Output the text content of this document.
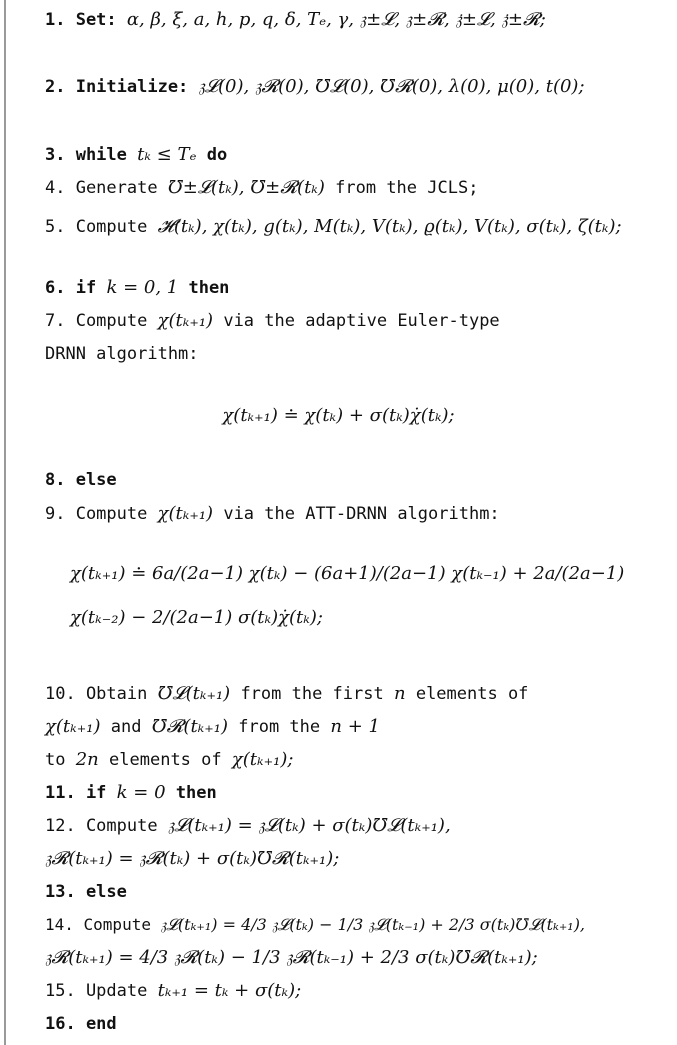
1. Set: α, β, ξ, a, h, p, q, δ, Tₑ, γ, 𝔷±𝓛, 𝔷±𝓡, 𝔷̇±𝓛, 𝔷̇±𝓡;
2. Initialize: 𝔷𝓛(0), 𝔷𝓡(0), ℧𝓛(0), ℧𝓡(0), λ(0), μ(0), t(0);
3. while tₖ ≤ Tₑ do
4. Generate ℧±𝓛(tₖ), ℧±𝓡(tₖ) from the JCLS;
5. Compute 𝓗(tₖ), χ(tₖ), g(tₖ), M(tₖ), V(tₖ), ϱ(tₖ), V(tₖ), σ(tₖ), ζ(tₖ);
6. if k = 0, 1 then
7. Compute χ(tₖ₊₁) via the adaptive Euler-type
DRNN algorithm:
χ(tₖ₊₁) ≐ χ(tₖ) + σ(tₖ)χ̇(tₖ);
8. else
9. Compute χ(tₖ₊₁) via the ATT-DRNN algorithm:
χ(tₖ₊₁) ≐ 6a/(2a−1) χ(tₖ) − (6a+1)/(2a−1) χ(tₖ₋₁) + 2a/(2a−1) χ(tₖ₋₂) − 2/(2a−1) σ(tₖ)χ̇(tₖ);
10. Obtain ℧𝓛(tₖ₊₁) from the first n elements of
χ(tₖ₊₁) and ℧𝓡(tₖ₊₁) from the n + 1
to 2n elements of χ(tₖ₊₁);
11. if k = 0 then
12. Compute 𝔷𝓛(tₖ₊₁) = 𝔷𝓛(tₖ) + σ(tₖ)℧𝓛(tₖ₊₁),
𝔷𝓡(tₖ₊₁) = 𝔷𝓡(tₖ) + σ(tₖ)℧𝓡(tₖ₊₁);
13. else
14. Compute 𝔷𝓛(tₖ₊₁) = 4/3 𝔷𝓛(tₖ) − 1/3 𝔷𝓛(tₖ₋₁) + 2/3 σ(tₖ)℧𝓛(tₖ₊₁),
𝔷𝓡(tₖ₊₁) = 4/3 𝔷𝓡(tₖ) − 1/3 𝔷𝓡(tₖ₋₁) + 2/3 σ(tₖ)℧𝓡(tₖ₊₁);
15. Update tₖ₊₁ = tₖ + σ(tₖ);
16. end
